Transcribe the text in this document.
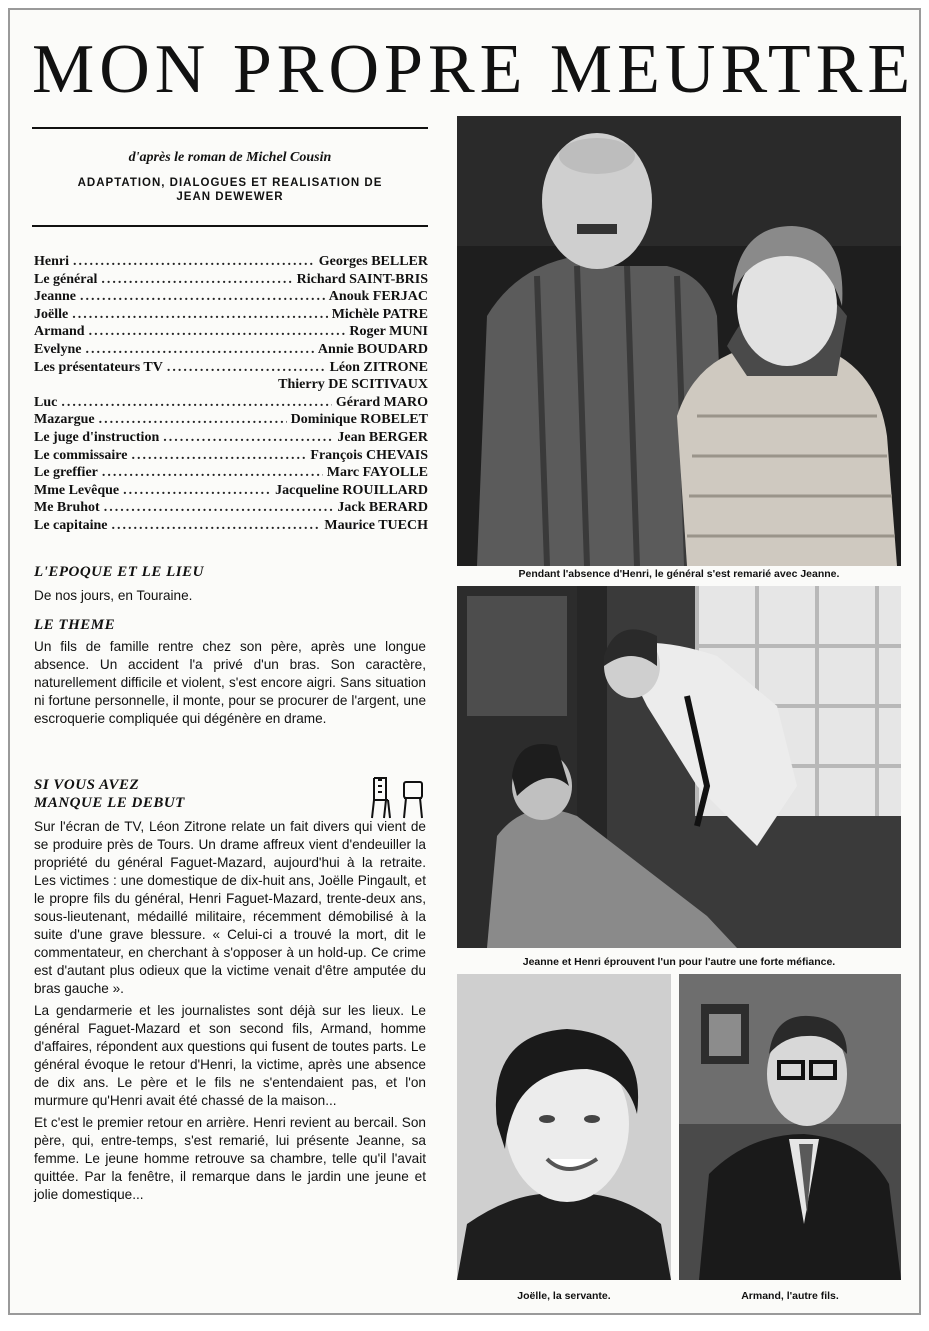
MON PROPRE MEURTRE
d'après le roman de Michel Cousin
ADAPTATION, DIALOGUES ET REALISATION DE
JEAN DEWEWER
Henri .....	Georges BELLER
Le général .....	Richard SAINT-BRIS
Jeanne .....	Anouk FERJAC
Joëlle .....	Michèle PATRE
Armand .....	Roger MUNI
Evelyne .....	Annie BOUDARD
Les présentateurs TV .....	Léon ZITRONE
Thierry DE SCITIVAUX
Luc .....	Gérard MARO
Mazargue .....	Dominique ROBELET
Le juge d'instruction .....	Jean BERGER
Le commissaire .....	François CHEVAIS
Le greffier .....	Marc FAYOLLE
Mme Levêque .....	Jacqueline ROUILLARD
Me Bruhot .....	Jack BERARD
Le capitaine .....	Maurice TUECH
L'EPOQUE ET LE LIEU
De nos jours, en Touraine.
LE THEME
Un fils de famille rentre chez son père, après une longue absence. Un accident l'a privé d'un bras. Son caractère, naturellement difficile et violent, s'est encore aigri. Sans situation ni fortune personnelle, il monte, pour se procurer de l'argent, une escroquerie compliquée qui dégénère en drame.
SI VOUS AVEZ
MANQUE LE DEBUT
Sur l'écran de TV, Léon Zitrone relate un fait divers qui vient de se produire près de Tours. Un drame affreux vient d'endeuiller la propriété du général Faguet-Mazard, aujourd'hui à la retraite. Les victimes : une domestique de dix-huit ans, Joëlle Pingault, et le propre fils du général, Henri Faguet-Mazard, trente-deux ans, sous-lieutenant, médaillé militaire, récemment démobilisé à la suite d'une grave blessure. « Celui-ci a trouvé la mort, dit le commentateur, en cherchant à s'opposer à un hold-up. Ce crime est d'autant plus odieux que la victime venait d'être amputée du bras gauche ».
La gendarmerie et les journalistes sont déjà sur les lieux. Le général Faguet-Mazard et son second fils, Armand, homme d'affaires, répondent aux questions qui fusent de toutes parts. Le général évoque le retour d'Henri, la victime, après une absence de dix ans. Le père et le fils ne s'entendaient pas, et l'on murmure qu'Henri avait été chassé de la maison...
Et c'est le premier retour en arrière. Henri revient au bercail. Son père, qui, entre-temps, s'est remarié, lui présente Jeanne, sa femme. Le jeune homme retrouve sa chambre, telle qu'il l'avait quittée. Par la fenêtre, il remarque dans le jardin une jeune et jolie domestique...
Pendant l'absence d'Henri, le général s'est remarié avec Jeanne.
Jeanne et Henri éprouvent l'un pour l'autre une forte méfiance.
Joëlle, la servante.	Armand, l'autre fils.
